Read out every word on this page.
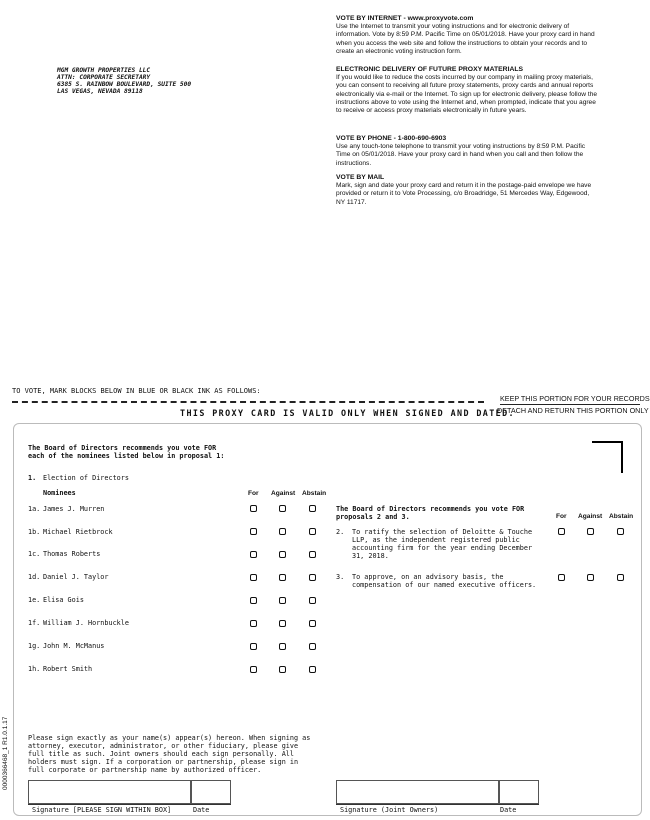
MGM GROWTH PROPERTIES LLC
ATTN: CORPORATE SECRETARY
6385 S. RAINBOW BOULEVARD, SUITE 500
LAS VEGAS, NEVADA 89118
VOTE BY INTERNET - www.proxyvote.com
Use the Internet to transmit your voting instructions and for electronic delivery of information. Vote by 8:59 P.M. Pacific Time on 05/01/2018. Have your proxy card in hand when you access the web site and follow the instructions to obtain your records and to create an electronic voting instruction form.
ELECTRONIC DELIVERY OF FUTURE PROXY MATERIALS
If you would like to reduce the costs incurred by our company in mailing proxy materials, you can consent to receiving all future proxy statements, proxy cards and annual reports electronically via e-mail or the Internet. To sign up for electronic delivery, please follow the instructions above to vote using the Internet and, when prompted, indicate that you agree to receive or access proxy materials electronically in future years.
VOTE BY PHONE - 1-800-690-6903
Use any touch-tone telephone to transmit your voting instructions by 8:59 P.M. Pacific Time on 05/01/2018. Have your proxy card in hand when you call and then follow the instructions.
VOTE BY MAIL
Mark, sign and date your proxy card and return it in the postage-paid envelope we have provided or return it to Vote Processing, c/o Broadridge, 51 Mercedes Way, Edgewood, NY 11717.
TO VOTE, MARK BLOCKS BELOW IN BLUE OR BLACK INK AS FOLLOWS:
THIS PROXY CARD IS VALID ONLY WHEN SIGNED AND DATED.
KEEP THIS PORTION FOR YOUR RECORDS
DETACH AND RETURN THIS PORTION ONLY
The Board of Directors recommends you vote FOR each of the nominees listed below in proposal 1:
1. Election of Directors
Nominees	For Against Abstain
1a. James J. Murren
1b. Michael Rietbrock
1c. Thomas Roberts
1d. Daniel J. Taylor
1e. Elisa Gois
1f. William J. Hornbuckle
1g. John M. McManus
1h. Robert Smith
The Board of Directors recommends you vote FOR proposals 2 and 3.	For Against Abstain
2. To ratify the selection of Deloitte & Touche LLP, as the independent registered public accounting firm for the year ending December 31, 2018.
3. To approve, on an advisory basis, the compensation of our named executive officers.
Please sign exactly as your name(s) appear(s) hereon. When signing as attorney, executor, administrator, or other fiduciary, please give full title as such. Joint owners should each sign personally. All holders must sign. If a corporation or partnership, please sign in full corporate or partnership name by authorized officer.
Signature [PLEASE SIGN WITHIN BOX]	Date	Signature (Joint Owners)	Date
0000366468_1 R1.0.1.17
